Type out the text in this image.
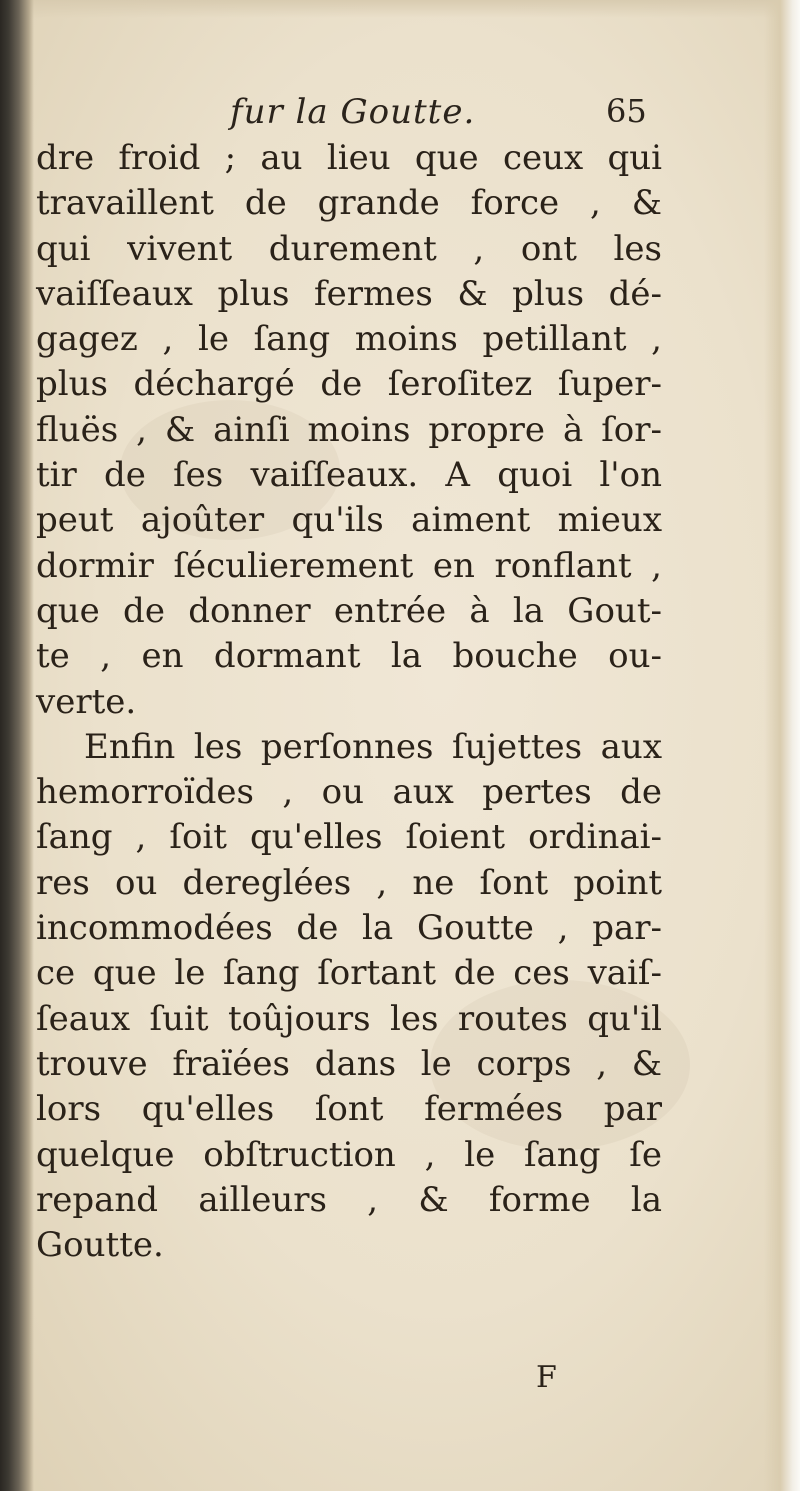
fur la Goutte.	65
dre froid ; au lieu que ceux qui
travaillent de grande force , &
qui vivent durement , ont les
vaiſſeaux plus fermes & plus dé-
gagez , le ſang moins petillant ,
plus déchargé de ſeroſitez ſuper-
fluës , & ainſi moins propre à ſor-
tir de ſes vaiſſeaux. A quoi l'on
peut ajoûter qu'ils aiment mieux
dormir ſéculierement en ronflant ,
que de donner entrée à la Gout-
te , en dormant la bouche ou-
verte.
Enfin les perſonnes ſujettes aux
hemorroïdes , ou aux pertes de
ſang , ſoit qu'elles ſoient ordinai-
res ou dereglées , ne ſont point
incommodées de la Goutte , par-
ce que le ſang ſortant de ces vaiſ-
ſeaux ſuit toûjours les routes qu'il
trouve fraïées dans le corps , &
lors qu'elles ſont fermées par
quelque obſtruction , le ſang ſe
repand ailleurs , & forme la
Goutte.
F
